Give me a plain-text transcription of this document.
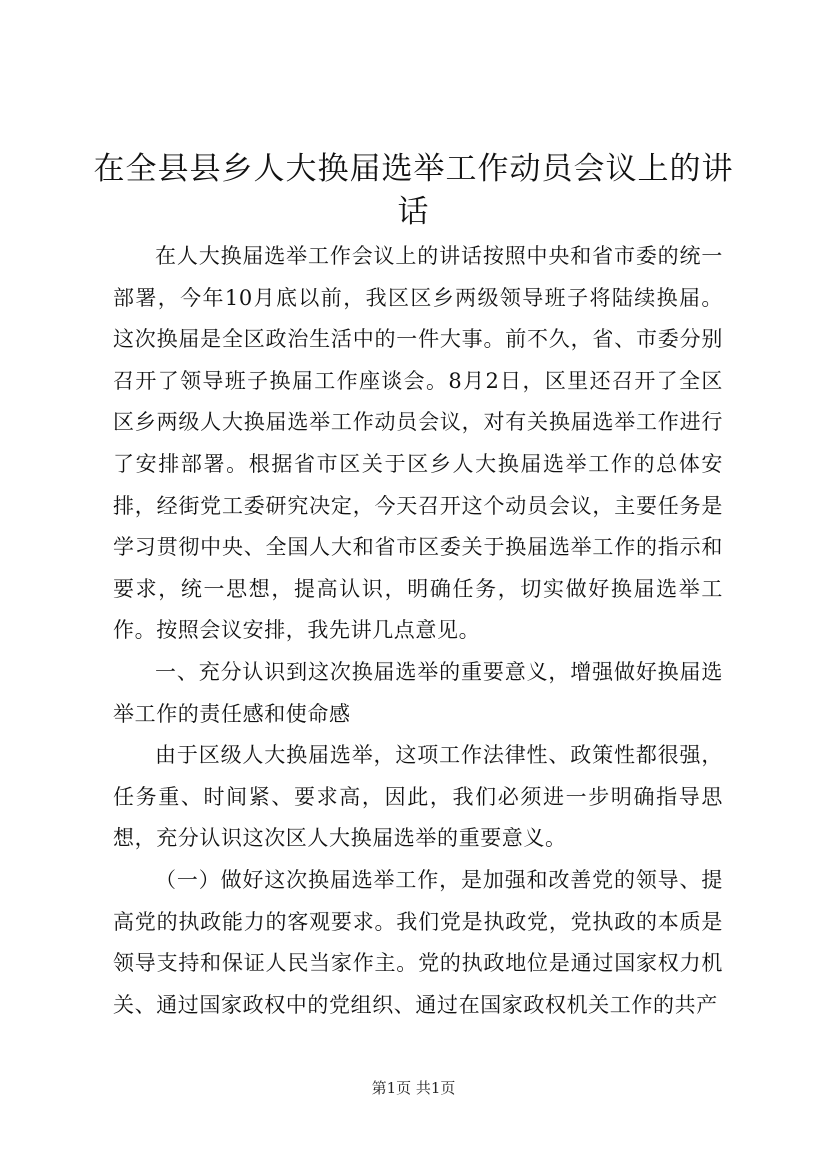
在全县县乡人大换届选举工作动员会议上的讲
话

在人大换届选举工作会议上的讲话按照中央和省市委的统一部署，今年10月底以前，我区区乡两级领导班子将陆续换届。这次换届是全区政治生活中的一件大事。前不久，省、市委分别召开了领导班子换届工作座谈会。8月2日，区里还召开了全区区乡两级人大换届选举工作动员会议，对有关换届选举工作进行了安排部署。根据省市区关于区乡人大换届选举工作的总体安排，经街党工委研究决定，今天召开这个动员会议，主要任务是学习贯彻中央、全国人大和省市区委关于换届选举工作的指示和要求，统一思想，提高认识，明确任务，切实做好换届选举工作。按照会议安排，我先讲几点意见。

一、充分认识到这次换届选举的重要意义，增强做好换届选举工作的责任感和使命感

由于区级人大换届选举，这项工作法律性、政策性都很强，任务重、时间紧、要求高，因此，我们必须进一步明确指导思想，充分认识这次区人大换届选举的重要意义。

（一）做好这次换届选举工作，是加强和改善党的领导、提高党的执政能力的客观要求。我们党是执政党，党执政的本质是领导支持和保证人民当家作主。党的执政地位是通过国家权力机关、通过国家政权中的党组织、通过在国家政权机关工作的共产

第1页 共1页
